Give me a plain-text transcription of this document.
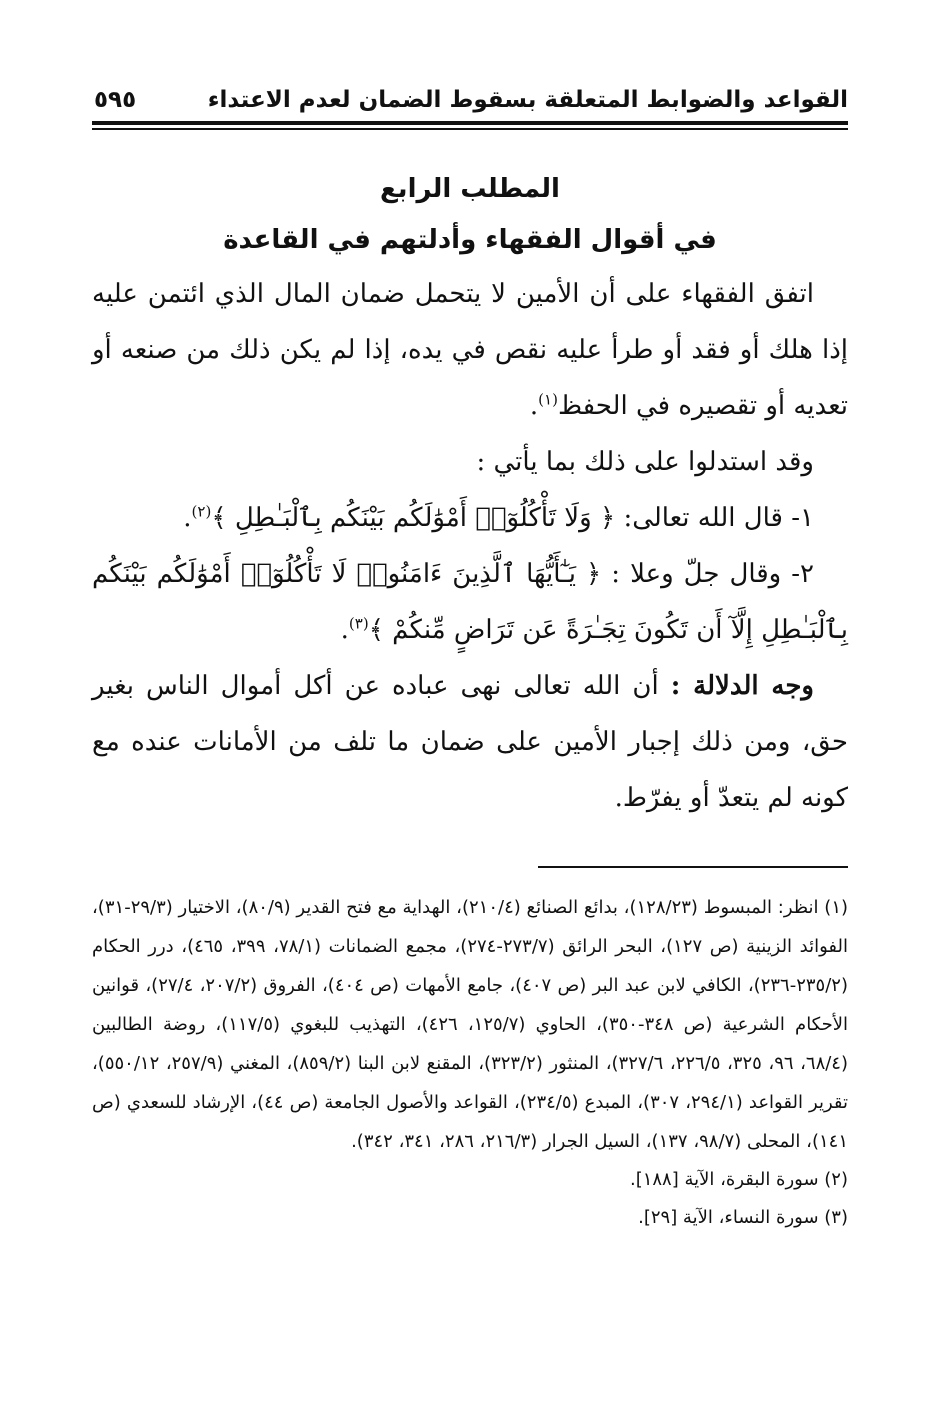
القواعد والضوابط المتعلقة بسقوط الضمان لعدم الاعتداء
٥٩٥
المطلب الرابع
في أقوال الفقهاء وأدلتهم في القاعدة

اتفق الفقهاء على أن الأمين لا يتحمل ضمان المال الذي ائتمن عليه إذا هلك أو فقد أو طرأ عليه نقص في يده، إذا لم يكن ذلك من صنعه أو تعديه أو تقصيره في الحفظ$^{(١)}$.

وقد استدلوا على ذلك بما يأتي :

١- قال الله تعالى: ﴿ وَلَا تَأْكُلُوٓا۟ أَمْوَٰلَكُم بَيْنَكُم بِٱلْبَـٰطِلِ ﴾$^{(٢)}$.

٢- وقال جلّ وعلا : ﴿ يَـٰٓأَيُّهَا ٱلَّذِينَ ءَامَنُوا۟ لَا تَأْكُلُوٓا۟ أَمْوَٰلَكُم بَيْنَكُم بِٱلْبَـٰطِلِ إِلَّآ أَن تَكُونَ تِجَـٰرَةً عَن تَرَاضٍ مِّنكُمْ ﴾$^{(٣)}$.

وجه الدلالة : أن الله تعالى نهى عباده عن أكل أموال الناس بغير حق، ومن ذلك إجبار الأمين على ضمان ما تلف من الأمانات عنده مع كونه لم يتعدّ أو يفرّط.

(١) انظر: المبسوط (١٢٨/٢٣)، بدائع الصنائع (٢١٠/٤)، الهداية مع فتح القدير (٨٠/٩)، الاختيار (٢٩/٣-٣١)، الفوائد الزينية (ص ١٢٧)، البحر الرائق (٢٧٣/٧-٢٧٤)، مجمع الضمانات (٧٨/١، ٣٩٩، ٤٦٥)، درر الحكام (٢٣٥/٢-٢٣٦)، الكافي لابن عبد البر (ص ٤٠٧)، جامع الأمهات (ص ٤٠٤)، الفروق (٢٠٧/٢، ٢٧/٤)، قوانين الأحكام الشرعية (ص ٣٤٨-٣٥٠)، الحاوي (١٢٥/٧، ٤٢٦)، التهذيب للبغوي (١١٧/٥)، روضة الطالبين (٦٨/٤، ٩٦، ٣٢٥، ٢٢٦/٥، ٣٢٧/٦)، المنثور (٣٢٣/٢)، المقنع لابن البنا (٨٥٩/٢)، المغني (٢٥٧/٩، ٥٥٠/١٢)، تقرير القواعد (٢٩٤/١، ٣٠٧)، المبدع (٢٣٤/٥)، القواعد والأصول الجامعة (ص ٤٤)، الإرشاد للسعدي (ص ١٤١)، المحلى (٩٨/٧، ١٣٧)، السيل الجرار (٢١٦/٣، ٢٨٦، ٣٤١، ٣٤٢).

(٢) سورة البقرة، الآية [١٨٨].

(٣) سورة النساء، الآية [٢٩].
